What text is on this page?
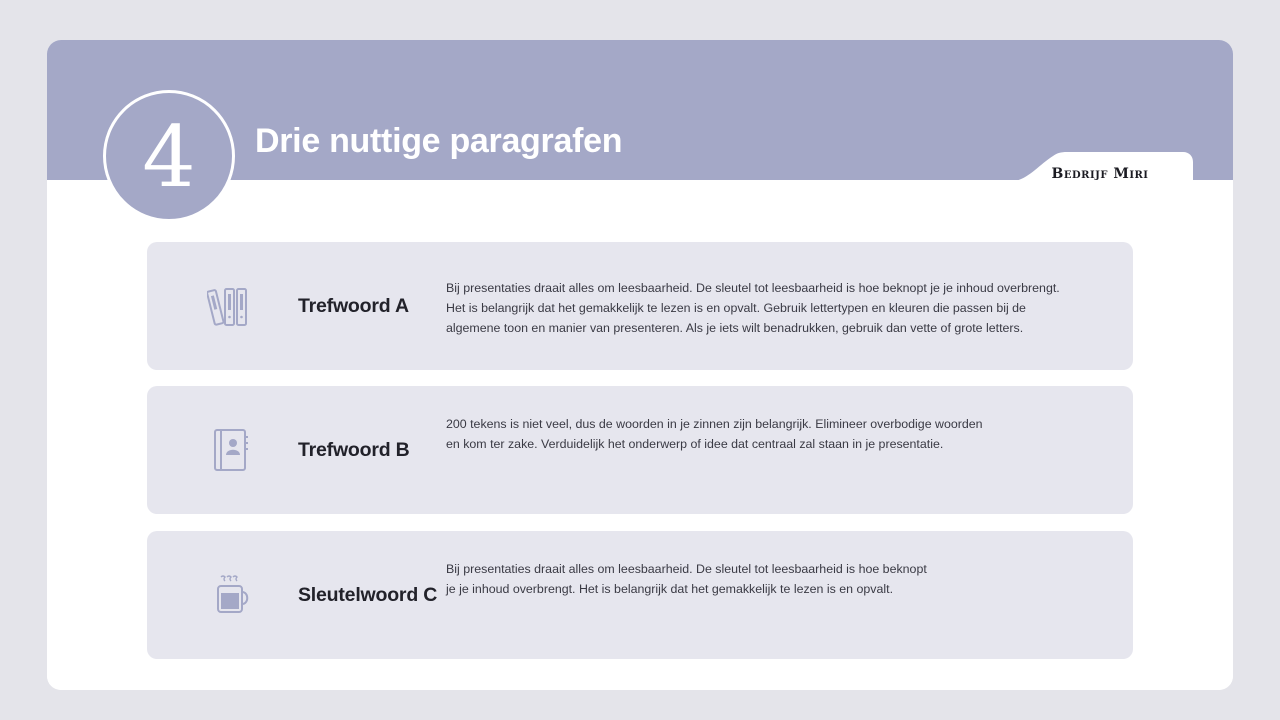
Bedrijf Miri
4 Drie nuttige paragrafen
Trefwoord A
Bij presentaties draait alles om leesbaarheid. De sleutel tot leesbaarheid is hoe beknopt je je inhoud overbrengt.
Het is belangrijk dat het gemakkelijk te lezen is en opvalt. Gebruik lettertypen en kleuren die passen bij de
algemene toon en manier van presenteren. Als je iets wilt benadrukken, gebruik dan vette of grote letters.
Trefwoord B
200 tekens is niet veel, dus de woorden in je zinnen zijn belangrijk. Elimineer overbodige woorden
en kom ter zake. Verduidelijk het onderwerp of idee dat centraal zal staan in je presentatie.
Sleutelwoord C
Bij presentaties draait alles om leesbaarheid. De sleutel tot leesbaarheid is hoe beknopt
je je inhoud overbrengt. Het is belangrijk dat het gemakkelijk te lezen is en opvalt.
